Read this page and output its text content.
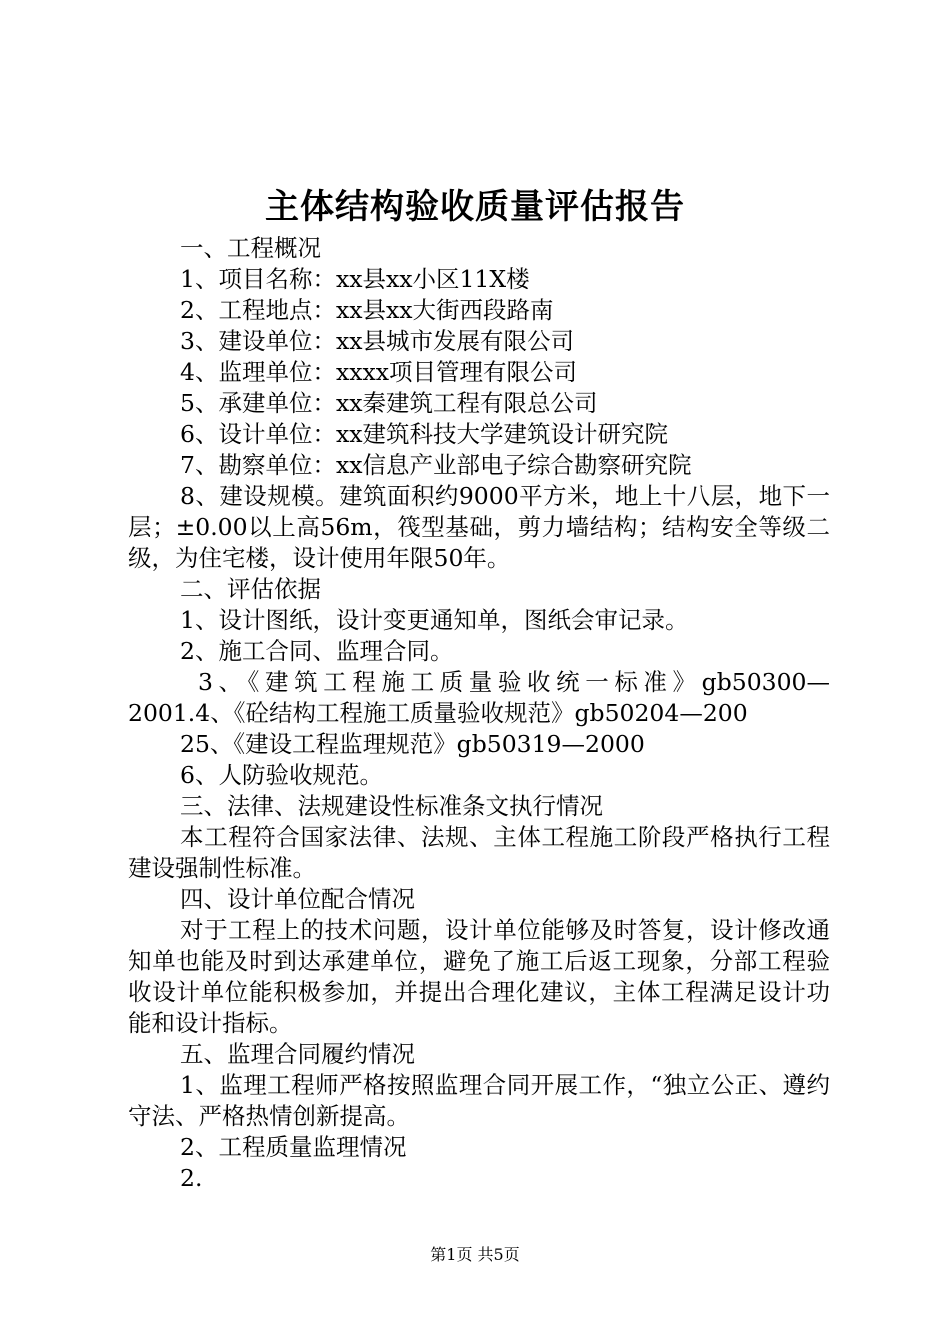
主体结构验收质量评估报告

一、工程概况

1、项目名称：xx县xx小区11X楼

2、工程地点：xx县xx大街西段路南

3、建设单位：xx县城市发展有限公司

4、监理单位：xxxx项目管理有限公司

5、承建单位：xx秦建筑工程有限总公司

6、设计单位：xx建筑科技大学建筑设计研究院

7、勘察单位：xx信息产业部电子综合勘察研究院

8、建设规模。建筑面积约9000平方米，地上十八层，地下一层；±0.00以上高56m，筏型基础，剪力墙结构；结构安全等级二级，为住宅楼，设计使用年限50年。

二、评估依据

1、设计图纸，设计变更通知单，图纸会审记录。

2、施工合同、监理合同。

3、《建筑工程施工质量验收统一标准》gb50300—2001.4、《砼结构工程施工质量验收规范》gb50204—200

25、《建设工程监理规范》gb50319—2000

6、人防验收规范。

三、法律、法规建设性标准条文执行情况

本工程符合国家法律、法规、主体工程施工阶段严格执行工程建设强制性标准。

四、设计单位配合情况

对于工程上的技术问题，设计单位能够及时答复，设计修改通知单也能及时到达承建单位，避免了施工后返工现象，分部工程验收设计单位能积极参加，并提出合理化建议，主体工程满足设计功能和设计指标。

五、监理合同履约情况

1、监理工程师严格按照监理合同开展工作，“独立公正、遵约守法、严格热情创新提高。

2、工程质量监理情况

2.

第1页 共5页
